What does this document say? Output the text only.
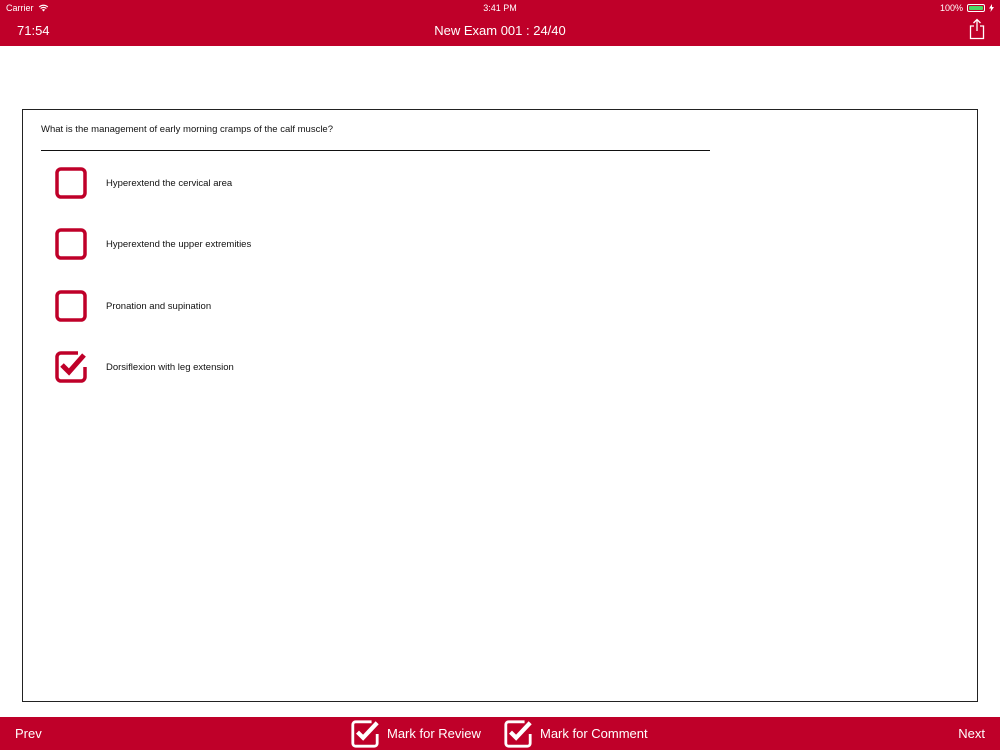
Carrier	3:41 PM	100%
71:54	New Exam 001 : 24/40
What is the management of early morning cramps of the calf muscle?
Hyperextend the cervical area
Hyperextend the upper extremities
Pronation and supination
Dorsiflexion with leg extension
Prev	Mark for Review	Mark for Comment	Next
